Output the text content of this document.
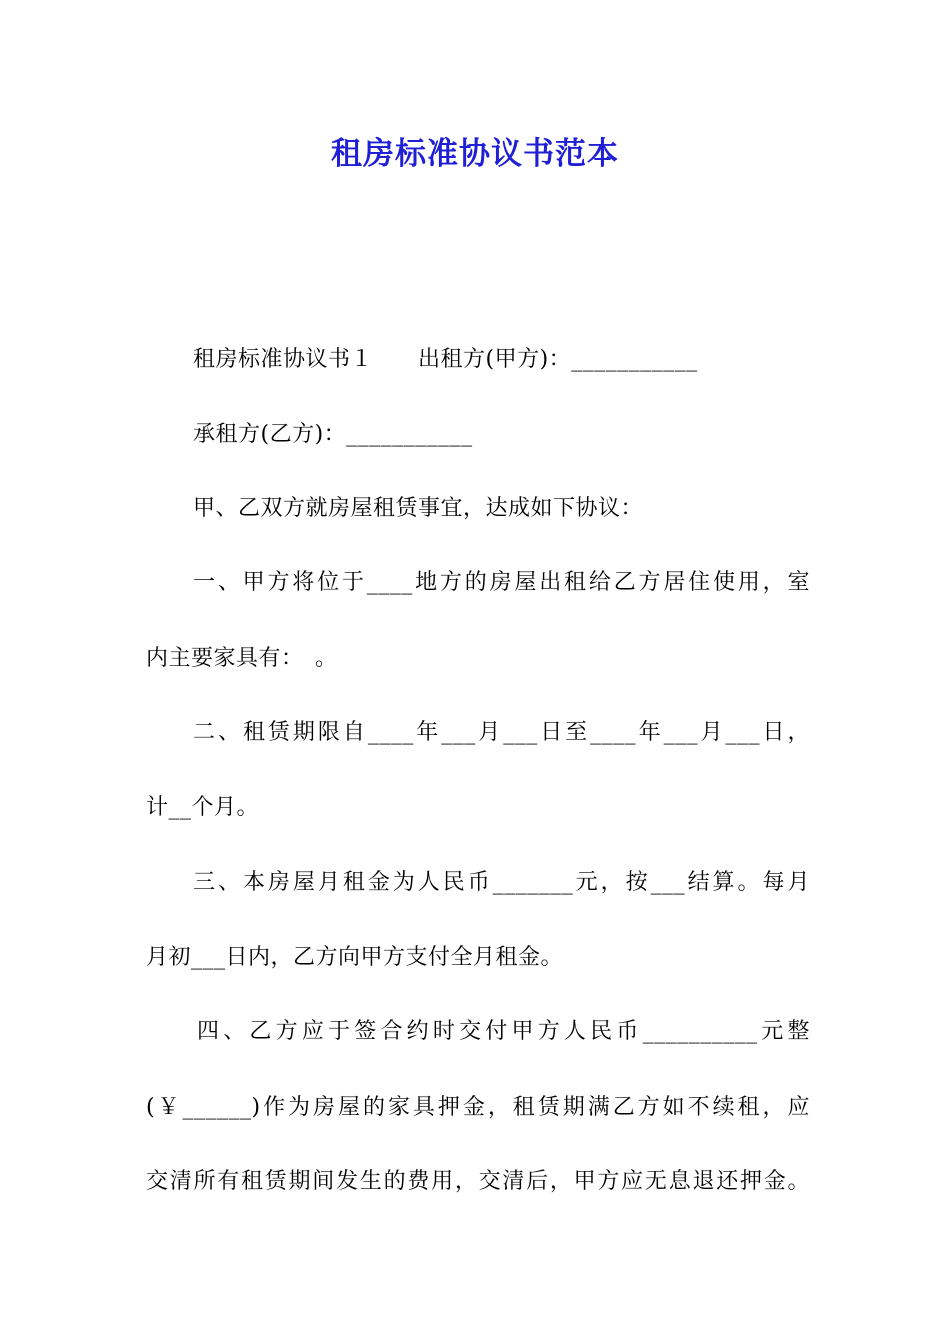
租房标准协议书范本
租房标准协议书１　　出租方(甲方)：___________
承租方(乙方)：___________
甲、乙双方就房屋租赁事宜，达成如下协议：
一、甲方将位于____地方的房屋出租给乙方居住使用，室
内主要家具有：　。
二、租赁期限自____年___月___日至____年___月___日，
计__个月。
三、本房屋月租金为人民币_______元，按___结算。每月
月初___日内，乙方向甲方支付全月租金。
四、乙方应于签合约时交付甲方人民币__________元整
(￥______)作为房屋的家具押金，租赁期满乙方如不续租，应
交清所有租赁期间发生的费用，交清后，甲方应无息退还押金。
